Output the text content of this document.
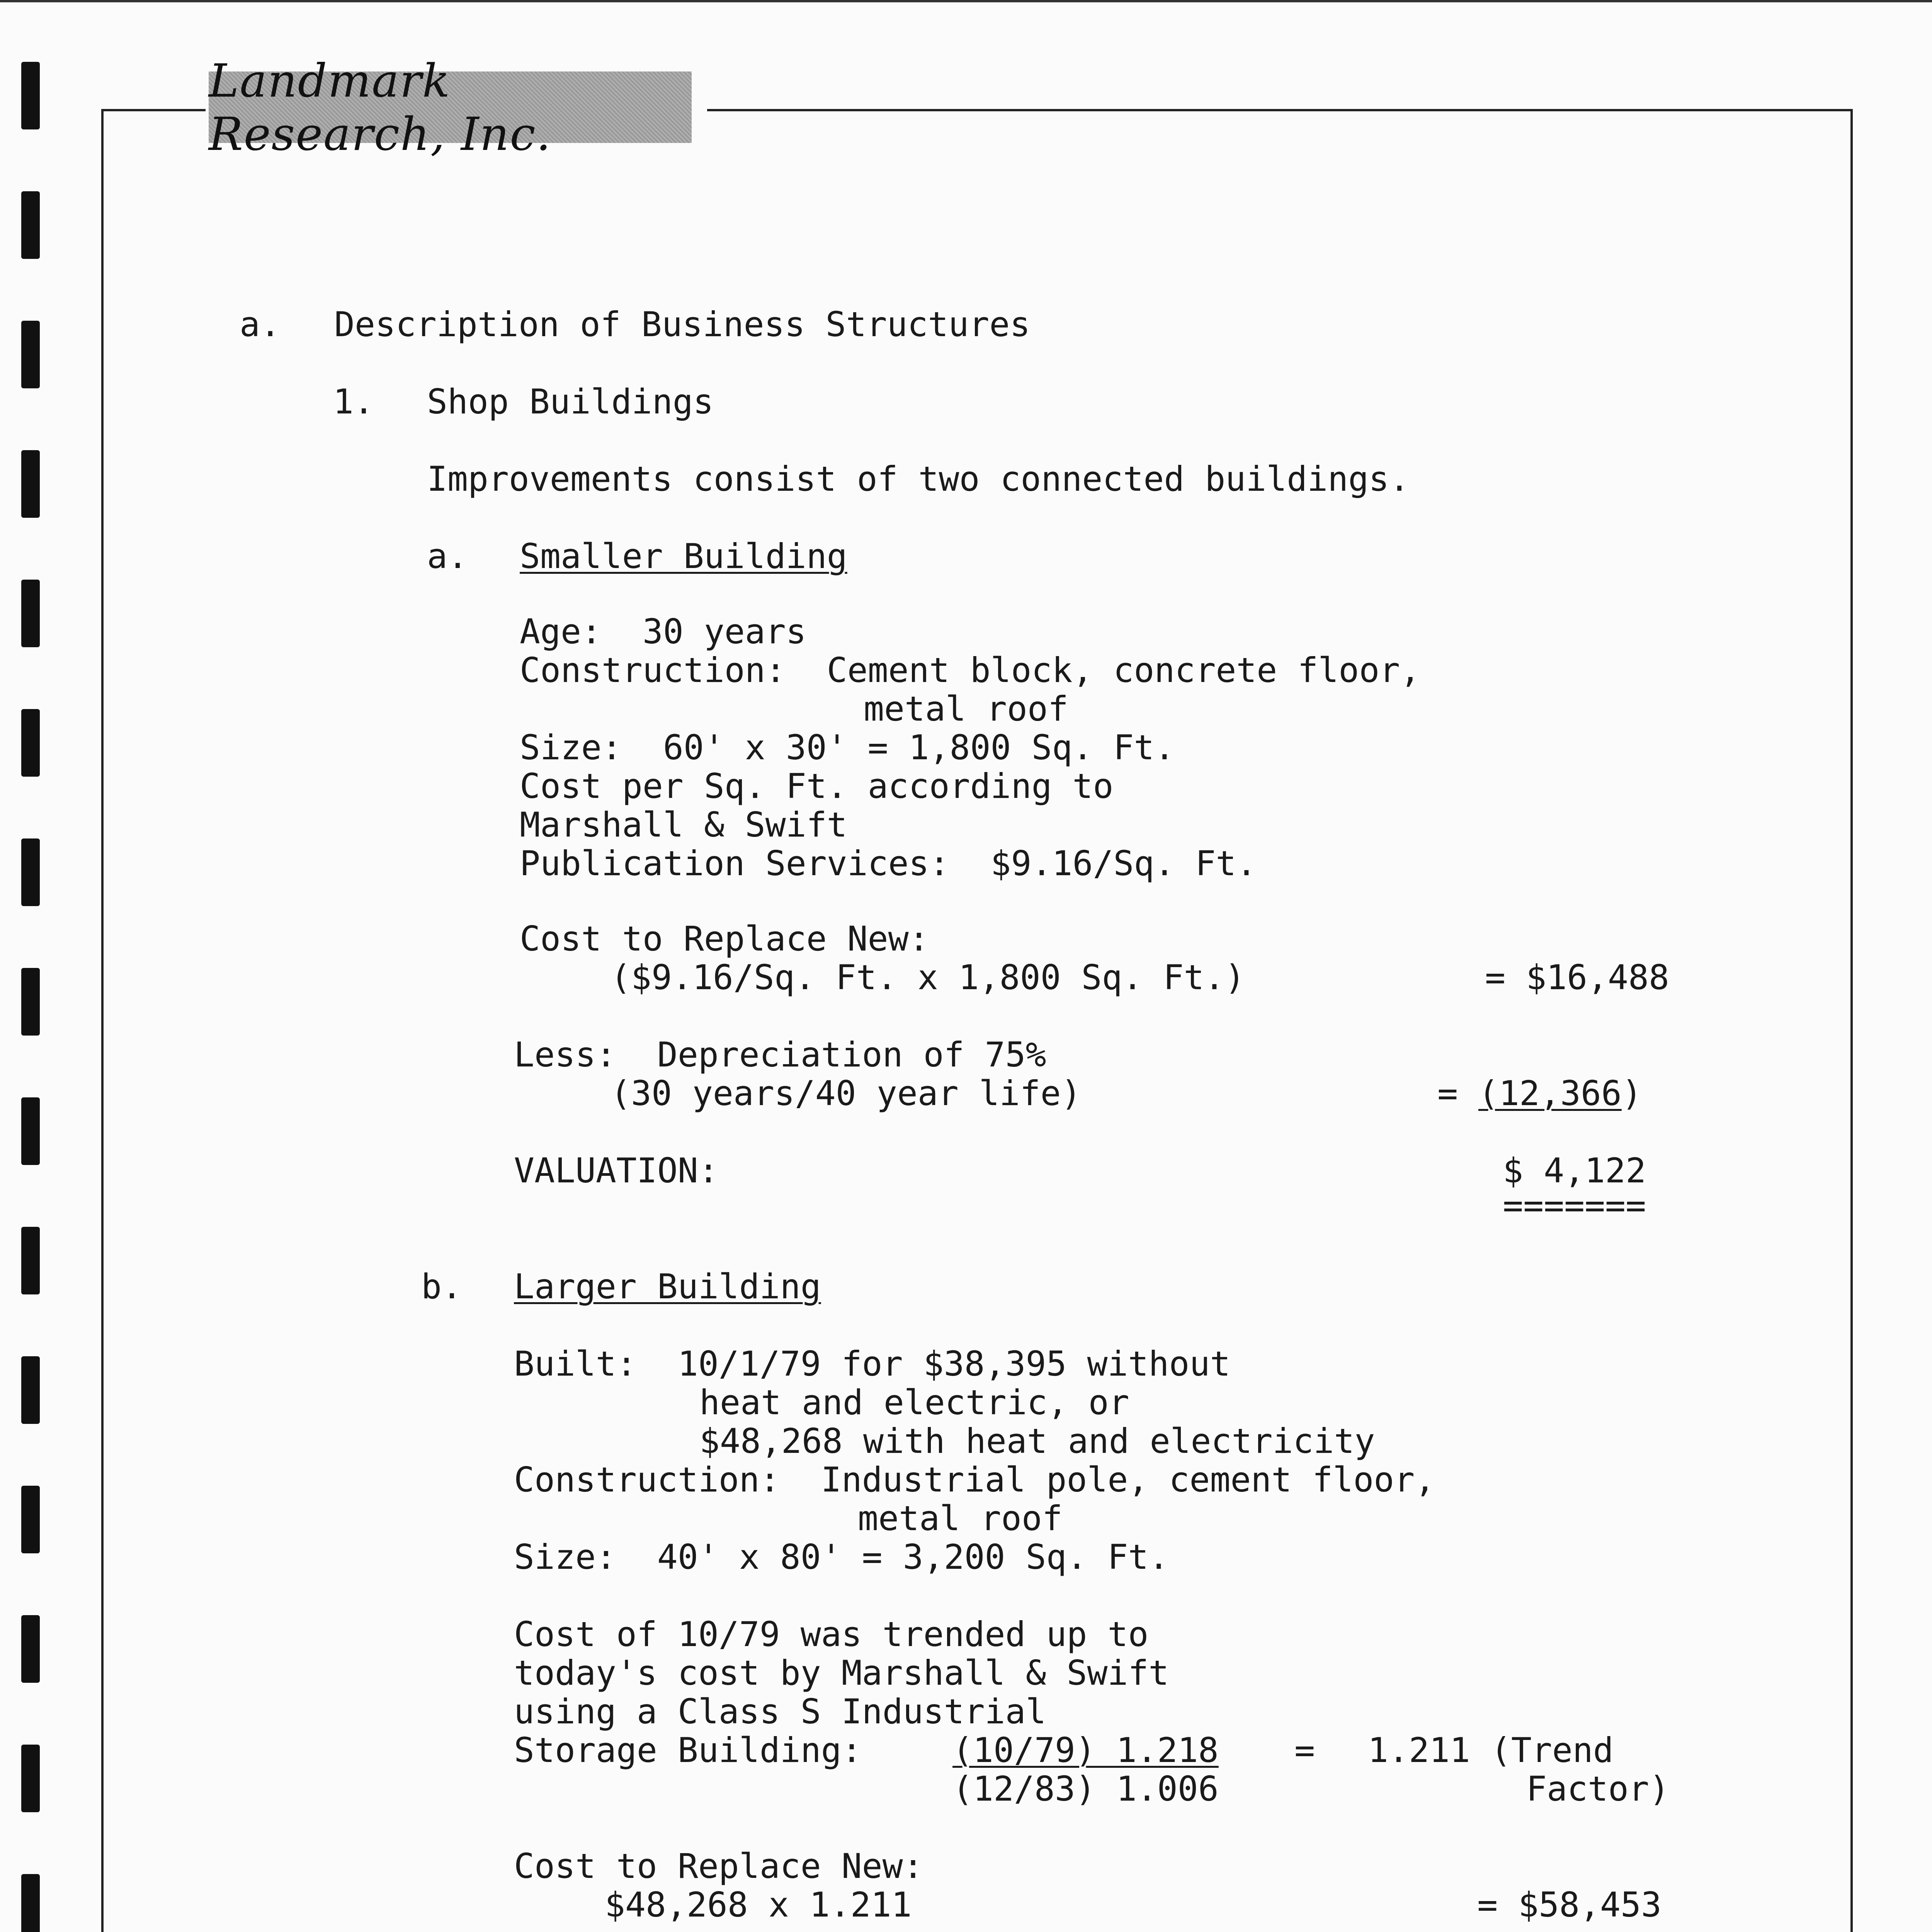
Landmark Research, Inc.
a. Description of Business Structures
1. Shop Buildings
Improvements consist of two connected buildings.
a. Smaller Building
Age:  30 years
Construction:  Cement block, concrete floor,
metal roof
Size:  60' x 30' = 1,800 Sq. Ft.
Cost per Sq. Ft. according to
Marshall & Swift
Publication Services:  $9.16/Sq. Ft.
Cost to Replace New:
($9.16/Sq. Ft. x 1,800 Sq. Ft.)	= $16,488
Less:  Depreciation of 75%
(30 years/40 year life)	= (12,366)
VALUATION:	$ 4,122
=======
b. Larger Building
Built:  10/1/79 for $38,395 without
heat and electric, or
$48,268 with heat and electricity
Construction:  Industrial pole, cement floor,
metal roof
Size:  40' x 80' = 3,200 Sq. Ft.
Cost of 10/79 was trended up to
today's cost by Marshall & Swift
using a Class S Industrial
Storage Building:	(10/79) 1.218
(12/83) 1.006
= 1.211 (Trend
Factor)
Cost to Replace New:
$48,268 x 1.211	= $58,453
